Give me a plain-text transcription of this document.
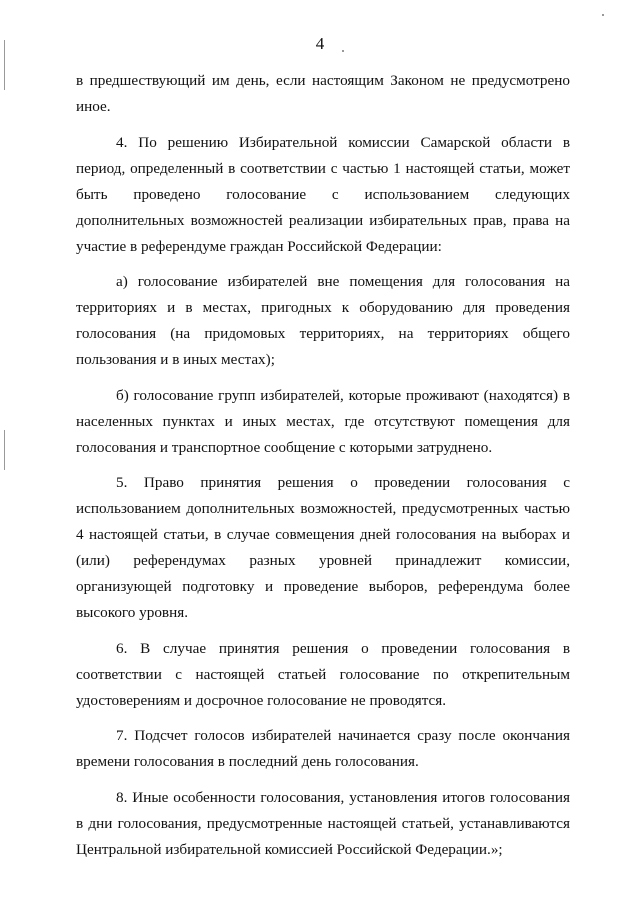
4

в предшествующий им день, если настоящим Законом не предусмотрено иное.

4. По решению Избирательной комиссии Самарской области в период, определенный в соответствии с частью 1 настоящей статьи, может быть проведено голосование с использованием следующих дополнительных возможностей реализации избирательных прав, права на участие в референдуме граждан Российской Федерации:

а) голосование избирателей вне помещения для голосования на территориях и в местах, пригодных к оборудованию для проведения голосования (на придомовых территориях, на территориях общего пользования и в иных местах);

б) голосование групп избирателей, которые проживают (находятся) в населенных пунктах и иных местах, где отсутствуют помещения для голосования и транспортное сообщение с которыми затруднено.

5. Право принятия решения о проведении голосования с использованием дополнительных возможностей, предусмотренных частью 4 настоящей статьи, в случае совмещения дней голосования на выборах и (или) референдумах разных уровней принадлежит комиссии, организующей подготовку и проведение выборов, референдума более высокого уровня.

6. В случае принятия решения о проведении голосования в соответствии с настоящей статьей голосование по открепительным удостоверениям и досрочное голосование не проводятся.

7. Подсчет голосов избирателей начинается сразу после окончания времени голосования в последний день голосования.

8. Иные особенности голосования, установления итогов голосования в дни голосования, предусмотренные настоящей статьей, устанавливаются Центральной избирательной комиссией Российской Федерации.»;
